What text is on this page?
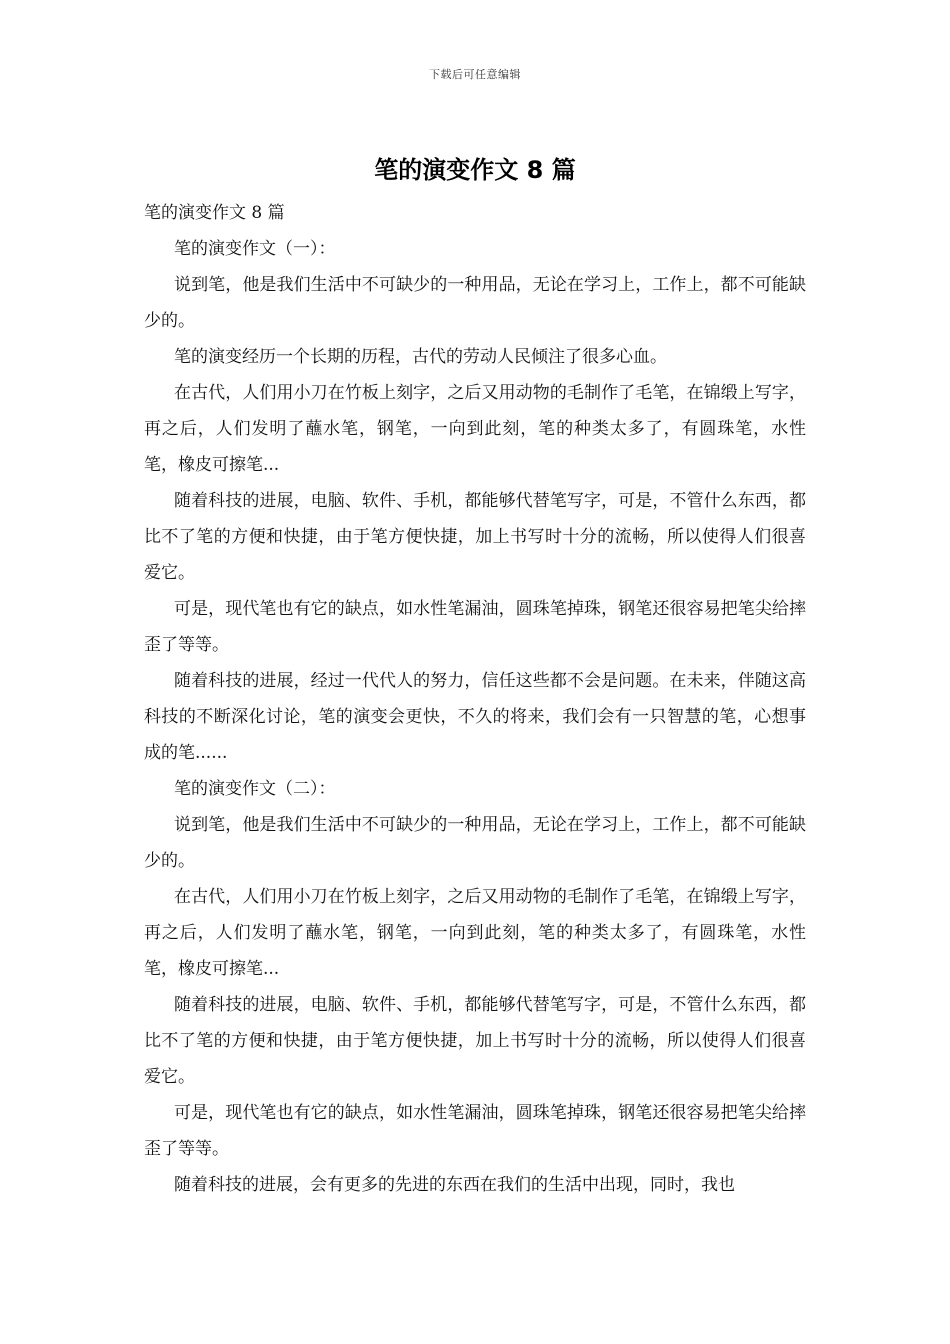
下载后可任意编辑
笔的演变作文 8 篇

笔的演变作文 8 篇

笔的演变作文（一）：

说到笔，他是我们生活中不可缺少的一种用品，无论在学习上，工作上，都不可能缺少的。

笔的演变经历一个长期的历程，古代的劳动人民倾注了很多心血。

在古代，人们用小刀在竹板上刻字，之后又用动物的毛制作了毛笔，在锦缎上写字，再之后，人们发明了蘸水笔，钢笔，一向到此刻，笔的种类太多了，有圆珠笔，水性笔，橡皮可擦笔...

随着科技的进展，电脑、软件、手机，都能够代替笔写字，可是，不管什么东西，都比不了笔的方便和快捷，由于笔方便快捷，加上书写时十分的流畅，所以使得人们很喜爱它。

可是，现代笔也有它的缺点，如水性笔漏油，圆珠笔掉珠，钢笔还很容易把笔尖给摔歪了等等。

随着科技的进展，经过一代代人的努力，信任这些都不会是问题。在未来，伴随这高科技的不断深化讨论，笔的演变会更快，不久的将来，我们会有一只智慧的笔，心想事成的笔......

笔的演变作文（二）：

说到笔，他是我们生活中不可缺少的一种用品，无论在学习上，工作上，都不可能缺少的。

在古代，人们用小刀在竹板上刻字，之后又用动物的毛制作了毛笔，在锦缎上写字，再之后，人们发明了蘸水笔，钢笔，一向到此刻，笔的种类太多了，有圆珠笔，水性笔，橡皮可擦笔...

随着科技的进展，电脑、软件、手机，都能够代替笔写字，可是，不管什么东西，都比不了笔的方便和快捷，由于笔方便快捷，加上书写时十分的流畅，所以使得人们很喜爱它。

可是，现代笔也有它的缺点，如水性笔漏油，圆珠笔掉珠，钢笔还很容易把笔尖给摔歪了等等。

随着科技的进展，会有更多的先进的东西在我们的生活中出现，同时，我也
